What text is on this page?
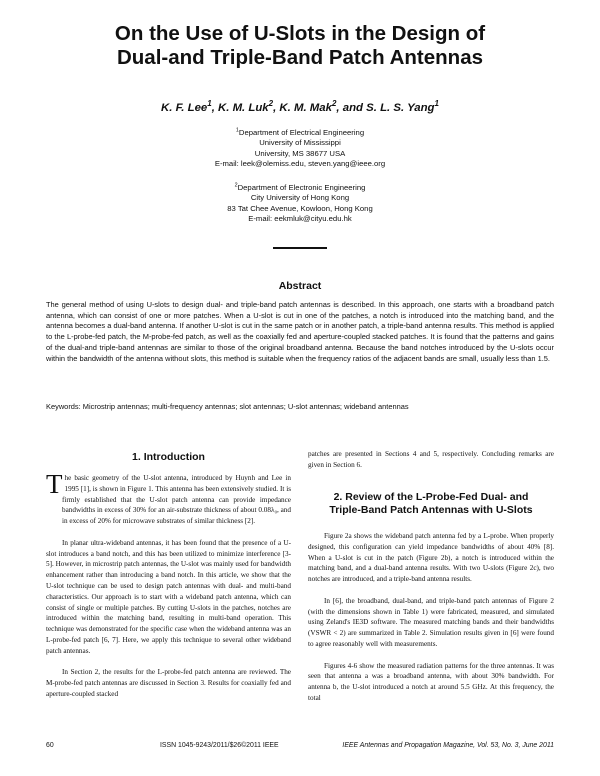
On the Use of U-Slots in the Design of
Dual-and Triple-Band Patch Antennas
K. F. Lee$^1$, K. M. Luk$^2$, K. M. Mak$^2$, and S. L. S. Yang$^1$
$^1$Department of Electrical Engineering
University of Mississippi
University, MS 38677 USA
E-mail: leek@olemiss.edu, steven.yang@ieee.org
$^2$Department of Electronic Engineering
City University of Hong Kong
83 Tat Chee Avenue, Kowloon, Hong Kong
E-mail: eekmluk@cityu.edu.hk
Abstract
The general method of using U-slots to design dual- and triple-band patch antennas is described. In this approach, one starts with a broadband patch antenna, which can consist of one or more patches. When a U-slot is cut in one of the patches, a notch is introduced into the matching band, and the antenna becomes a dual-band antenna. If another U-slot is cut in the same patch or in another patch, a triple-band antenna results. This method is applied to the L-probe-fed patch, the M-probe-fed patch, as well as the coaxially fed and aperture-coupled stacked patches. It is found that the patterns and gains of the dual-and triple-band antennas are similar to those of the original broadband antenna. Because the band notches introduced by the U-slots occur within the bandwidth of the antenna without slots, this method is suitable when the frequency ratios of the adjacent bands are small, usually less than 1.5.
Keywords: Microstrip antennas; multi-frequency antennas; slot antennas; U-slot antennas; wideband antennas
1. Introduction

The basic geometry of the U-slot antenna, introduced by Huynh and Lee in 1995 [1], is shown in Figure 1. This antenna has been extensively studied. It is firmly established that the U-slot patch antenna can provide impedance bandwidths in excess of 30% for an air-substrate thickness of about 0.08λ₀, and in excess of 20% for microwave substrates of similar thickness [2].

In planar ultra-wideband antennas, it has been found that the presence of a U-slot introduces a band notch, and this has been utilized to minimize interference [3-5]. However, in microstrip patch antennas, the U-slot was mainly used for bandwidth enhancement rather than introducing a band notch. In this article, we show that the U-slot technique can be used to design patch antennas with dual- and multi-band characteristics. Our approach is to start with a wideband patch antenna, which can consist of single or multiple patches. By cutting U-slots in the patches, notches are introduced within the matching band, resulting in multi-band operation. This technique was demonstrated for the specific case when the wideband antenna was an L-probe-fed patch [6, 7]. Here, we apply this technique to several other wideband patch antennas.

In Section 2, the results for the L-probe-fed patch antenna are reviewed. The M-probe-fed patch antennas are discussed in Section 3. Results for coaxially fed and aperture-coupled stacked

patches are presented in Sections 4 and 5, respectively. Concluding remarks are given in Section 6.

2. Review of the L-Probe-Fed Dual- and
Triple-Band Patch Antennas with U-Slots

Figure 2a shows the wideband patch antenna fed by a L-probe. When properly designed, this configuration can yield impedance bandwidths of about 40% [8]. When a U-slot is cut in the patch (Figure 2b), a notch is introduced within the matching band, and a dual-band antenna results. With two U-slots (Figure 2c), two notches are introduced, and a triple-band antenna results.

In [6], the broadband, dual-band, and triple-band patch antennas of Figure 2 (with the dimensions shown in Table 1) were fabricated, measured, and simulated using Zeland's IE3D software. The measured matching bands and their bandwidths (VSWR < 2) are summarized in Table 2. Simulation results given in [6] were found to agree reasonably well with measurements.

Figures 4-6 show the measured radiation patterns for the three antennas. It was seen that antenna a was a broadband antenna, with about 30% bandwidth. For antenna b, the U-slot introduced a notch at around 5.5 GHz. At this frequency, the total

60	ISSN 1045-9243/2011/$26©2011 IEEE	IEEE Antennas and Propagation Magazine, Vol. 53, No. 3, June 2011
